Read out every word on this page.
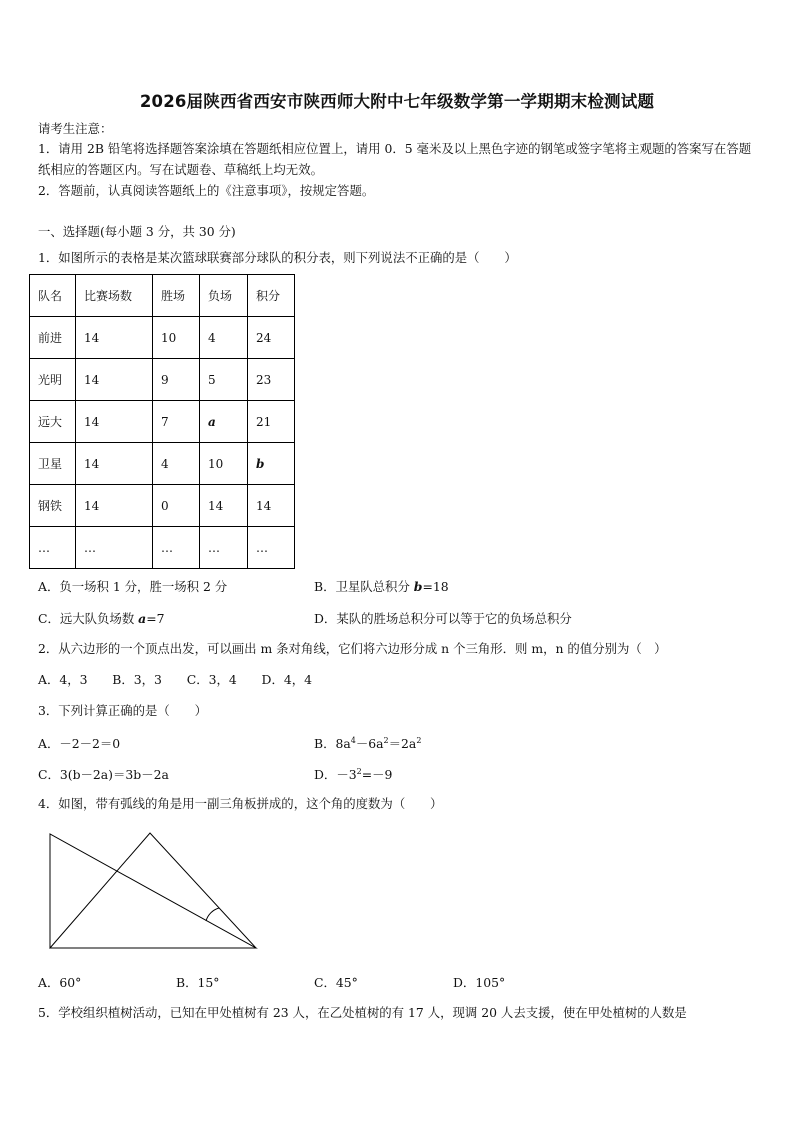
2026届陕西省西安市陕西师大附中七年级数学第一学期期末检测试题
请考生注意：
1．请用 2B 铅笔将选择题答案涂填在答题纸相应位置上，请用 0．5 毫米及以上黑色字迹的钢笔或签字笔将主观题的答案写在答题纸相应的答题区内。写在试题卷、草稿纸上均无效。
2．答题前，认真阅读答题纸上的《注意事项》，按规定答题。
一、选择题(每小题 3 分，共 30 分)
1．如图所示的表格是某次篮球联赛部分球队的积分表，则下列说法不正确的是（　　）
队名	比赛场数	胜场	负场	积分
前进	14	10	4	24
光明	14	9	5	23
远大	14	7	a	21
卫星	14	4	10	b
钢铁	14	0	14	14
…	…	…	…	…
A．负一场积 1 分，胜一场积 2 分	B．卫星队总积分 b=18
C．远大队负场数 a=7	D．某队的胜场总积分可以等于它的负场总积分
2．从六边形的一个顶点出发，可以画出 m 条对角线，它们将六边形分成 n 个三角形．则 m，n 的值分别为（　）
A．4，3　　B．3，3　　C．3，4　　D．4，4
3．下列计算正确的是（　　）
A．－2－2＝0	B．$8a^4-6a^2=2a^2$
C．3(b－2a)＝3b－2a	D．$-3^2=-9$
4．如图，带有弧线的角是用一副三角板拼成的，这个角的度数为（　　）
A．60°	B．15°	C．45°	D．105°
5．学校组织植树活动，已知在甲处植树有 23 人，在乙处植树的有 17 人，现调 20 人去支援，使在甲处植树的人数是
